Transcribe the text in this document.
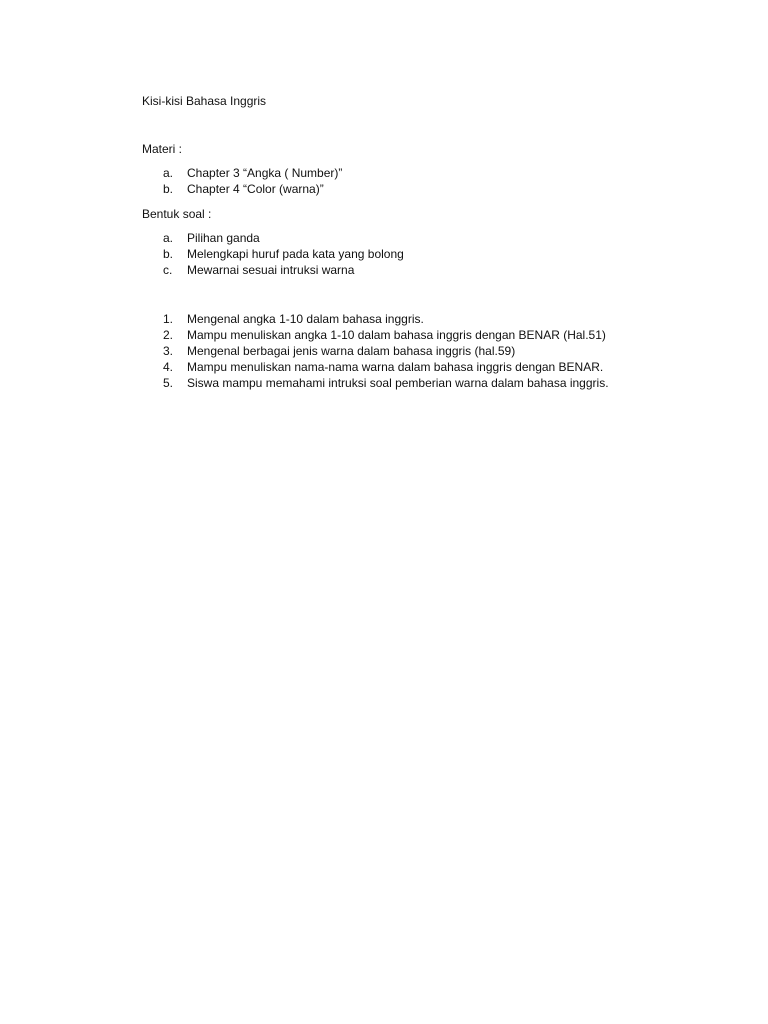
Kisi-kisi Bahasa Inggris
Materi :
a. Chapter 3 “Angka ( Number)”
b. Chapter 4 “Color (warna)”
Bentuk soal :
a. Pilihan ganda
b. Melengkapi huruf pada kata yang bolong
c. Mewarnai sesuai intruksi warna
1. Mengenal angka 1-10 dalam bahasa inggris.
2. Mampu menuliskan angka 1-10 dalam bahasa inggris dengan BENAR (Hal.51)
3. Mengenal berbagai jenis warna dalam bahasa inggris (hal.59)
4. Mampu menuliskan nama-nama warna dalam bahasa inggris dengan BENAR.
5. Siswa mampu memahami intruksi soal pemberian warna dalam bahasa inggris.
